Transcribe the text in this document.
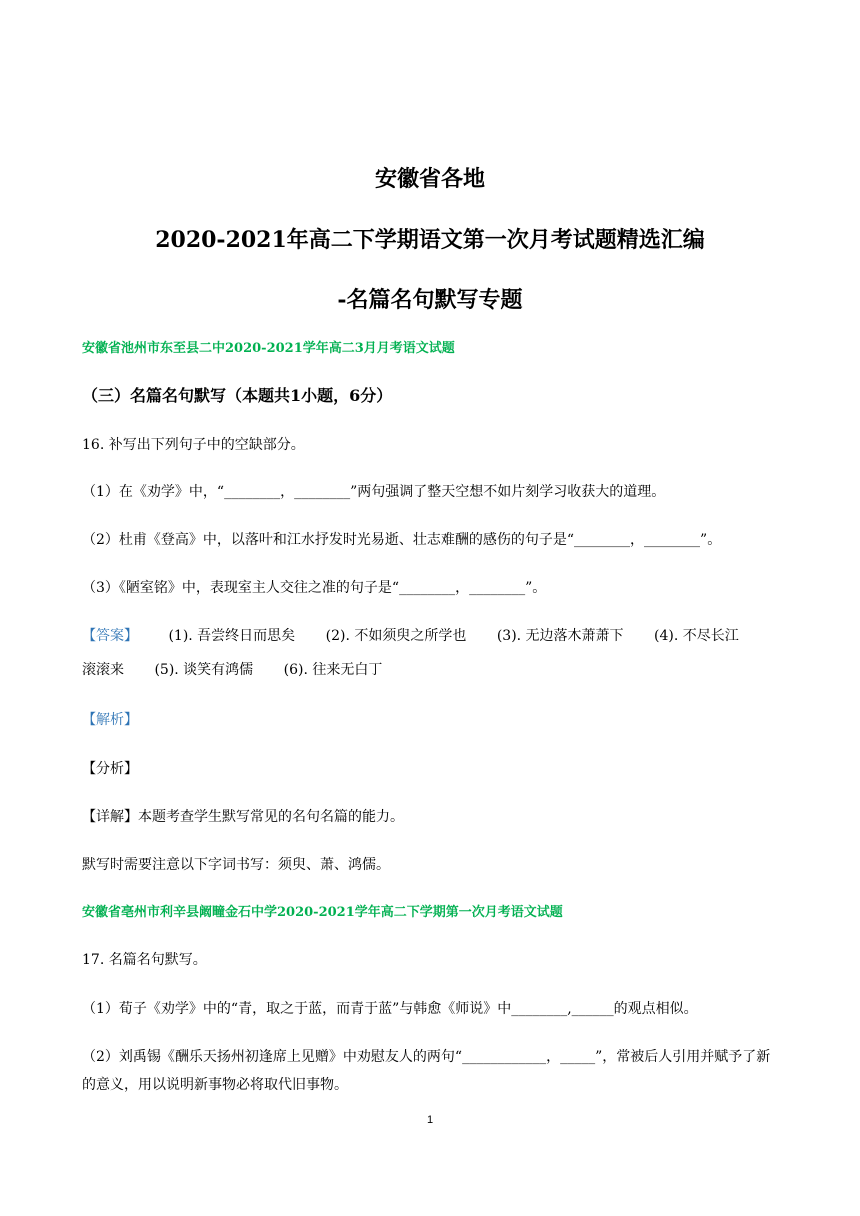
安徽省各地
2020-2021年高二下学期语文第一次月考试题精选汇编
-名篇名句默写专题
安徽省池州市东至县二中2020-2021学年高二3月月考语文试题
（三）名篇名句默写（本题共1小题，6分）
16. 补写出下列句子中的空缺部分。
（1）在《劝学》中，“________，________”两句强调了整天空想不如片刻学习收获大的道理。
（2）杜甫《登高》中，以落叶和江水抒发时光易逝、壮志难酬的感伤的句子是“________，________”。
（3）《陋室铭》中，表现室主人交往之准的句子是“________，________”。
【答案】 (1). 吾尝终日而思矣 (2). 不如须臾之所学也 (3). 无边落木萧萧下 (4). 不尽长江
滚滚来 (5). 谈笑有鸿儒 (6). 往来无白丁
【解析】
【分析】
【详解】本题考查学生默写常见的名句名篇的能力。
默写时需要注意以下字词书写：须臾、萧、鸿儒。
安徽省亳州市利辛县阚疃金石中学2020-2021学年高二下学期第一次月考语文试题
17. 名篇名句默写。
（1）荀子《劝学》中的“青，取之于蓝，而青于蓝”与韩愈《师说》中________,______的观点相似。
（2）刘禹锡《酬乐天扬州初逢席上见赠》中劝慰友人的两句“____________，_____”，常被后人引用并赋予了新的意义，用以说明新事物必将取代旧事物。
1
